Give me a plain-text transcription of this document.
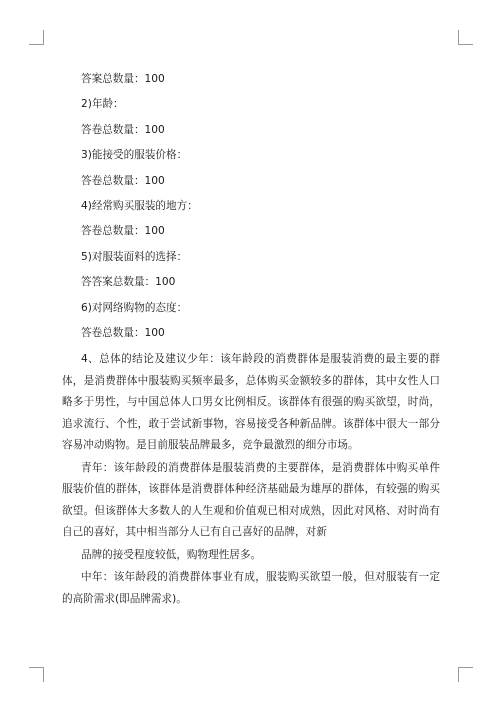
答案总数量：100
2)年龄：
答卷总数量：100
3)能接受的服装价格：
答卷总数量：100
4)经常购买服装的地方：
答卷总数量：100
5)对服装面料的选择：
答答案总数量：100
6)对网络购物的态度：
答卷总数量：100

4、总体的结论及建议少年：该年龄段的消费群体是服装消费的最主要的群体，是消费群体中服装购买频率最多，总体购买金额较多的群体，其中女性人口略多于男性，与中国总体人口男女比例相反。该群体有很强的购买欲望，时尚，追求流行、个性，敢于尝试新事物，容易接受各种新品牌。该群体中很大一部分容易冲动购物。是目前服装品牌最多，竞争最激烈的细分市场。

青年：该年龄段的消费群体是服装消费的主要群体，是消费群体中购买单件服装价值的群体，该群体是消费群体种经济基础最为雄厚的群体，有较强的购买欲望。但该群体大多数人的人生观和价值观已相对成熟，因此对风格、对时尚有自己的喜好，其中相当部分人已有自己喜好的品牌，对新

品牌的接受程度较低，购物理性居多。

中年：该年龄段的消费群体事业有成，服装购买欲望一般，但对服装有一定的高阶需求(即品牌需求)。
